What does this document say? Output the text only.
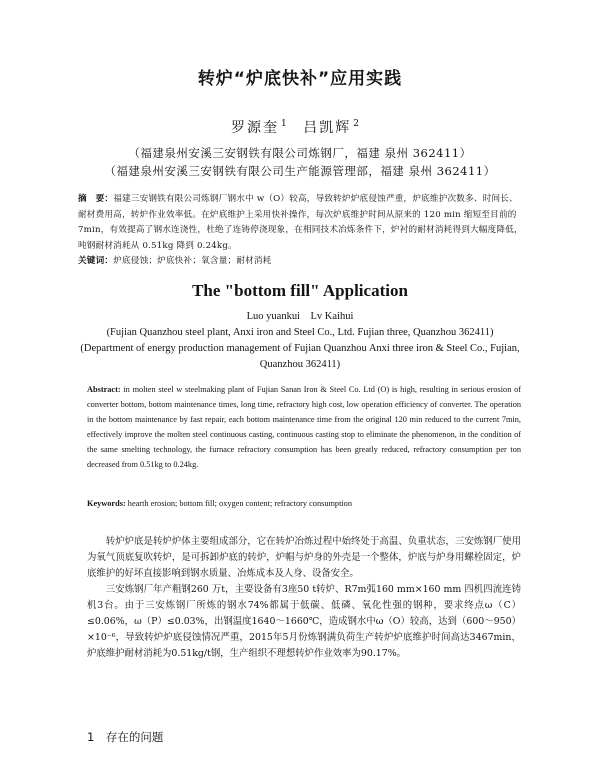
转炉“炉底快补”应用实践
罗源奎 $^1$ 吕凯辉 $^2$
（福建泉州安溪三安钢铁有限公司炼钢厂，福建 泉州 362411）
（福建泉州安溪三安钢铁有限公司生产能源管理部，福建 泉州 362411）
摘　要：福建三安钢铁有限公司炼钢厂钢水中 w（O）较高，导致转炉炉底侵蚀严重，炉底维护次数多、时间长、耐材费用高，转炉作业效率低。在炉底维护上采用快补操作，每次炉底维护时间从原来的 120 min 缩短至目前的 7min，有效提高了钢水连浇性，杜绝了连铸停浇现象，在相同技术冶炼条件下，炉衬的耐材消耗得到大幅度降低，吨钢耐材消耗从 0.51kg 降到 0.24kg。
关键词：炉底侵蚀；炉底快补；氧含量；耐材消耗
The "bottom fill" Application
Luo yuankui　Lv Kaihui
(Fujian Quanzhou steel plant, Anxi iron and Steel Co., Ltd. Fujian three, Quanzhou 362411)
(Department of energy production management of Fujian Quanzhou Anxi three iron & Steel Co., Fujian, Quanzhou 362411)
Abstract: in molten steel w steelmaking plant of Fujian Sanan Iron & Steel Co. Ltd (O) is high, resulting in serious erosion of converter bottom, bottom maintenance times, long time, refractory high cost, low operation efficiency of converter. The operation in the bottom maintenance by fast repair, each bottom maintenance time from the original 120 min reduced to the current 7min, effectively improve the molten steel continuous casting, continuous casting stop to eliminate the phenomenon, in the condition of the same smelting technology, the furnace refractory consumption has been greatly reduced, refractory consumption per ton decreased from 0.51kg to 0.24kg.
Keywords: hearth erosion; bottom fill; oxygen content; refractory consumption

转炉炉底是转炉炉体主要组成部分，它在转炉冶炼过程中始终处于高温、负重状态，三安炼钢厂使用为氧气顶底复吹转炉，是可拆卸炉底的转炉，炉帽与炉身的外壳是一个整体，炉底与炉身用螺栓固定，炉底维护的好坏直接影响到钢水质量、冶炼成本及人身、设备安全。

三安炼钢厂年产粗钢260 万t，主要设备有3座50 t转炉、R7m弧160 mm×160 mm 四机四流连铸机3台。由于三安炼钢厂所炼的钢水74%都属于低碳、低磷、氧化性强的钢种，要求终点ω（C）≤0.06%，ω（P）≤0.03%，出钢温度1640～1660℃，造成钢水中ω（O）较高，达到（600～950）×10⁻⁶，导致转炉炉底侵蚀情况严重，2015年5月份炼钢满负荷生产转炉炉底维护时间高达3467min，炉底维护耐材消耗为0.51kg/t钢，生产组织不理想转炉作业效率为90.17%。

1　存在的问题
